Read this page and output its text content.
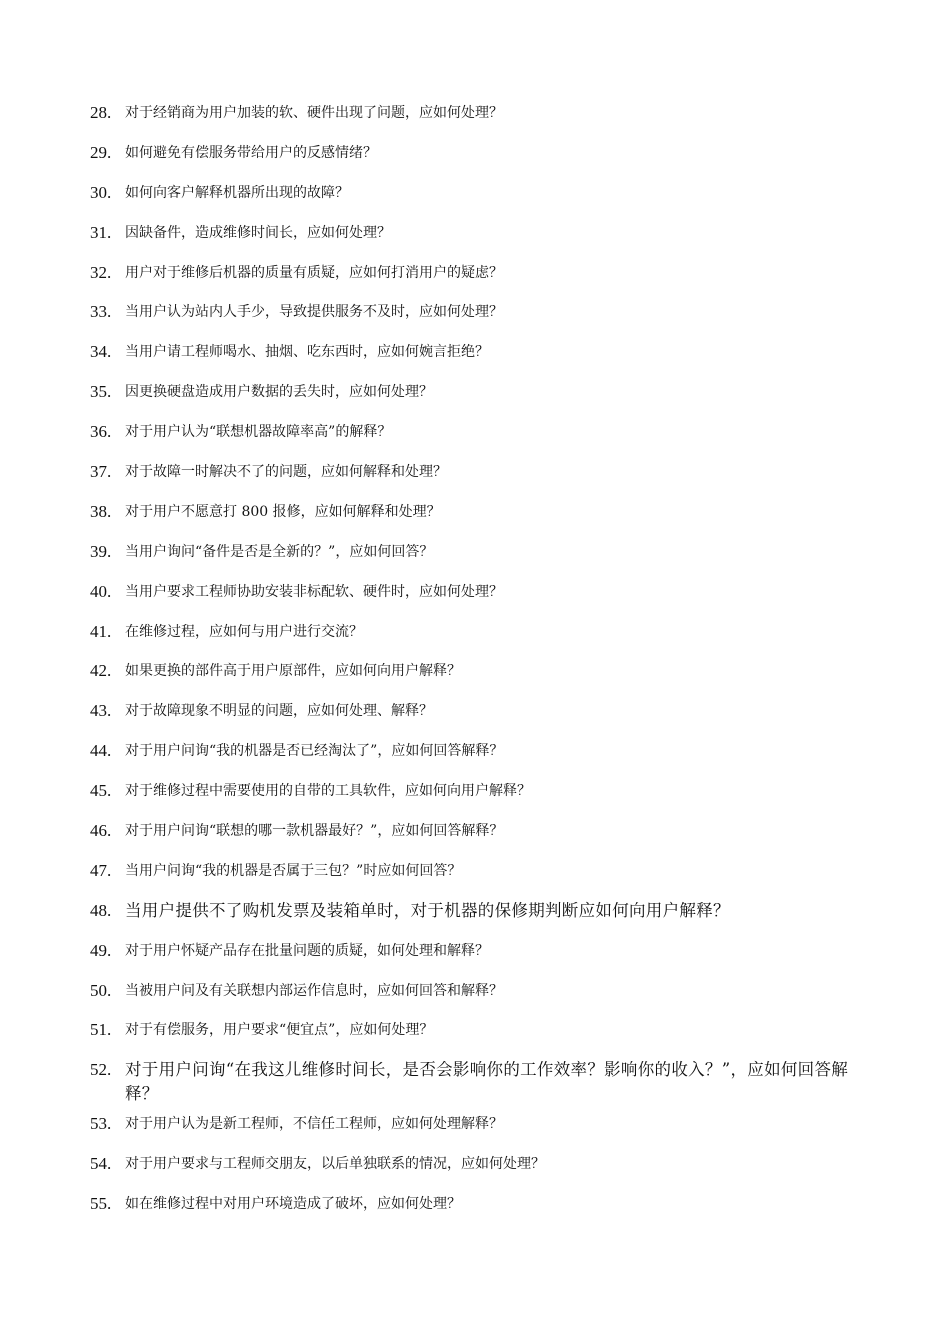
28. 对于经销商为用户加装的软、硬件出现了问题，应如何处理？
29. 如何避免有偿服务带给用户的反感情绪？
30. 如何向客户解释机器所出现的故障？
31. 因缺备件，造成维修时间长，应如何处理？
32. 用户对于维修后机器的质量有质疑，应如何打消用户的疑虑？
33. 当用户认为站内人手少，导致提供服务不及时，应如何处理？
34. 当用户请工程师喝水、抽烟、吃东西时，应如何婉言拒绝？
35. 因更换硬盘造成用户数据的丢失时，应如何处理？
36. 对于用户认为“联想机器故障率高”的解释？
37. 对于故障一时解决不了的问题，应如何解释和处理？
38. 对于用户不愿意打 800 报修，应如何解释和处理？
39. 当用户询问“备件是否是全新的？”，应如何回答？
40. 当用户要求工程师协助安装非标配软、硬件时，应如何处理？
41. 在维修过程，应如何与用户进行交流？
42. 如果更换的部件高于用户原部件，应如何向用户解释？
43. 对于故障现象不明显的问题，应如何处理、解释？
44. 对于用户问询“我的机器是否已经淘汰了”，应如何回答解释？
45. 对于维修过程中需要使用的自带的工具软件，应如何向用户解释？
46. 对于用户问询“联想的哪一款机器最好？”，应如何回答解释？
47. 当用户问询“我的机器是否属于三包？”时应如何回答？
48. 当用户提供不了购机发票及装箱单时，对于机器的保修期判断应如何向用户解释？
49. 对于用户怀疑产品存在批量问题的质疑，如何处理和解释？
50. 当被用户问及有关联想内部运作信息时，应如何回答和解释？
51. 对于有偿服务，用户要求“便宜点”，应如何处理？
52. 对于用户问询“在我这儿维修时间长，是否会影响你的工作效率？影响你的收入？”，应如何回答解释？
53. 对于用户认为是新工程师，不信任工程师，应如何处理解释？
54. 对于用户要求与工程师交朋友，以后单独联系的情况，应如何处理？
55. 如在维修过程中对用户环境造成了破坏，应如何处理？
